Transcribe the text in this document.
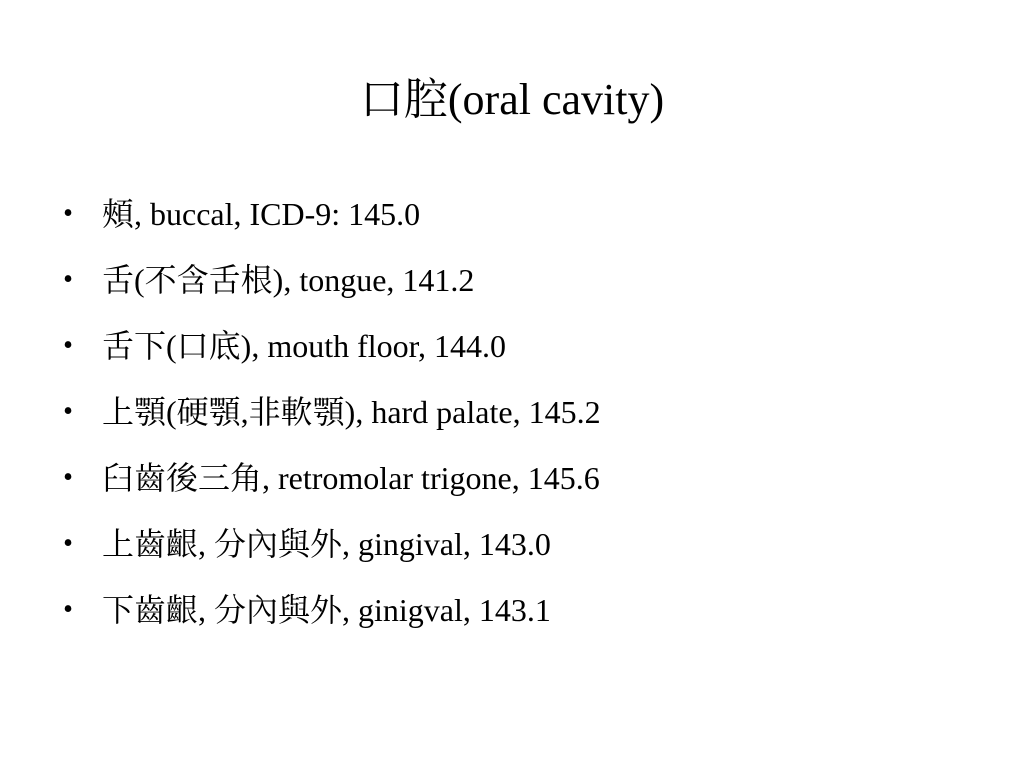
口腔(oral cavity)
• 頰, buccal, ICD-9: 145.0
• 舌(不含舌根), tongue, 141.2
• 舌下(口底), mouth floor, 144.0
• 上顎(硬顎,非軟顎), hard palate, 145.2
• 臼齒後三角, retromolar trigone, 145.6
• 上齒齦, 分內與外, gingival, 143.0
• 下齒齦, 分內與外, ginigval, 143.1
